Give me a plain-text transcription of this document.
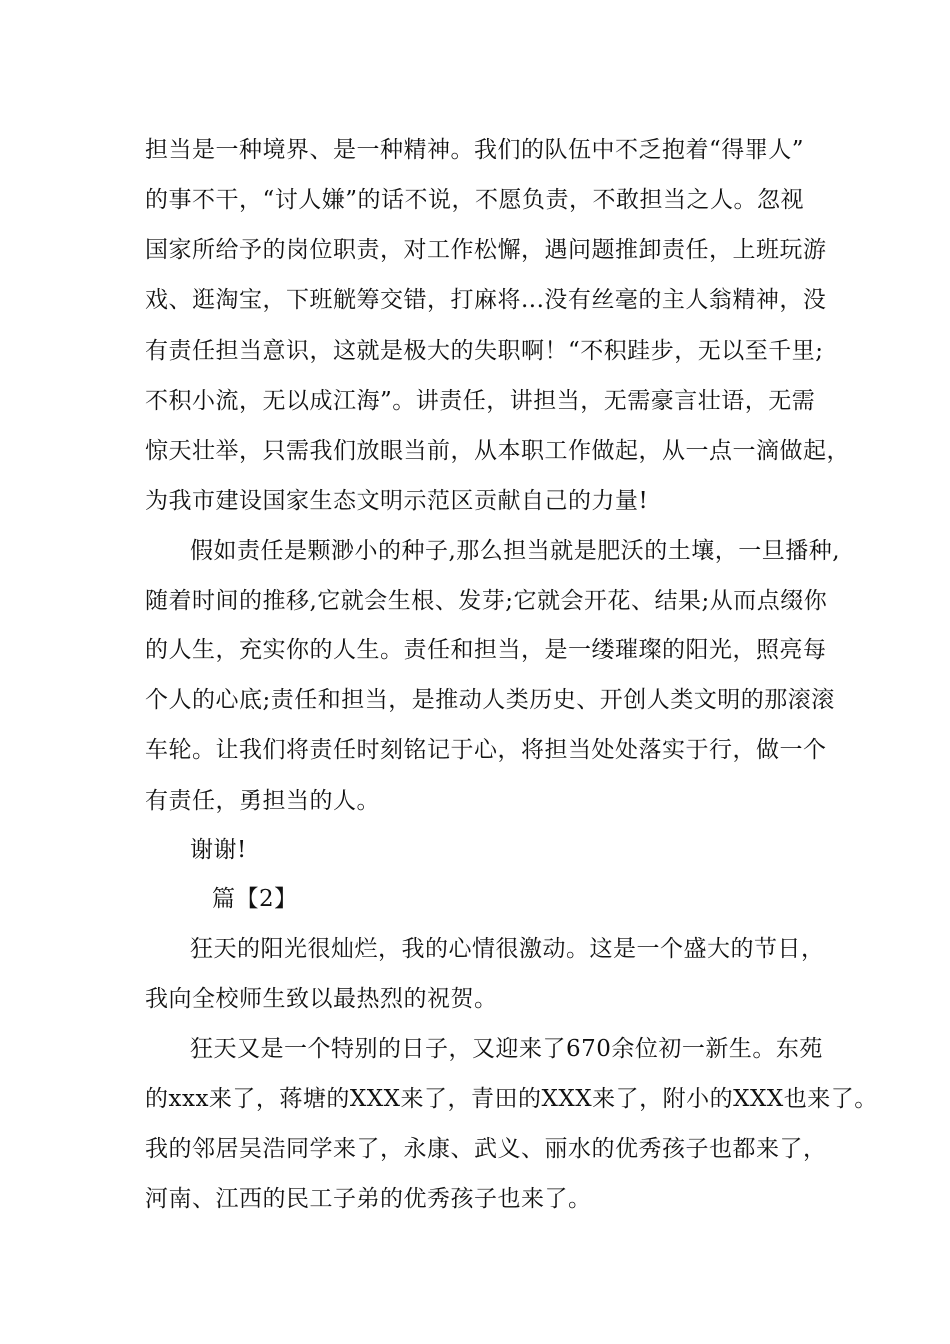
担当是一种境界、是一种精神。我们的队伍中不乏抱着“得罪人”
的事不干，“讨人嫌”的话不说，不愿负责，不敢担当之人。忽视
国家所给予的岗位职责，对工作松懈，遇问题推卸责任，上班玩游
戏、逛淘宝，下班觥筹交错，打麻将...没有丝毫的主人翁精神，没
有责任担当意识，这就是极大的失职啊！“不积跬步，无以至千里;
不积小流，无以成江海”。讲责任，讲担当，无需豪言壮语，无需
惊天壮举，只需我们放眼当前，从本职工作做起，从一点一滴做起，
为我市建设国家生态文明示范区贡献自己的力量!
假如责任是颗渺小的种子,那么担当就是肥沃的土壤，一旦播种,
随着时间的推移,它就会生根、发芽;它就会开花、结果;从而点缀你
的人生，充实你的人生。责任和担当，是一缕璀璨的阳光，照亮每
个人的心底;责任和担当，是推动人类历史、开创人类文明的那滚滚
车轮。让我们将责任时刻铭记于心，将担当处处落实于行，做一个
有责任，勇担当的人。
谢谢!
篇【2】
狂天的阳光很灿烂，我的心情很激动。这是一个盛大的节日，
我向全校师生致以最热烈的祝贺。
狂天又是一个特别的日子，又迎来了670余位初一新生。东苑
的xxx来了，蒋塘的XXX来了，青田的XXX来了，附小的XXX也来了。
我的邻居吴浩同学来了，永康、武义、丽水的优秀孩子也都来了，
河南、江西的民工子弟的优秀孩子也来了。
